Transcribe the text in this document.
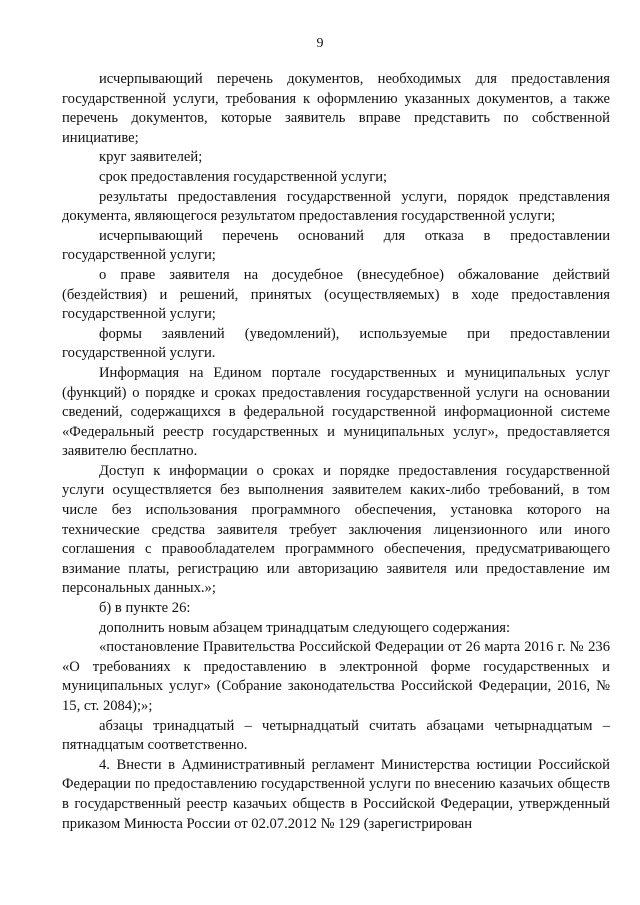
9

исчерпывающий перечень документов, необходимых для предоставления государственной услуги, требования к оформлению указанных документов, а также перечень документов, которые заявитель вправе представить по собственной инициативе;

круг заявителей;

срок предоставления государственной услуги;

результаты предоставления государственной услуги, порядок представления документа, являющегося результатом предоставления государственной услуги;

исчерпывающий перечень оснований для отказа в предоставлении государственной услуги;

о праве заявителя на досудебное (внесудебное) обжалование действий (бездействия) и решений, принятых (осуществляемых) в ходе предоставления государственной услуги;

формы заявлений (уведомлений), используемые при предоставлении государственной услуги.

Информация на Едином портале государственных и муниципальных услуг (функций) о порядке и сроках предоставления государственной услуги на основании сведений, содержащихся в федеральной государственной информационной системе «Федеральный реестр государственных и муниципальных услуг», предоставляется заявителю бесплатно.

Доступ к информации о сроках и порядке предоставления государственной услуги осуществляется без выполнения заявителем каких-либо требований, в том числе без использования программного обеспечения, установка которого на технические средства заявителя требует заключения лицензионного или иного соглашения с правообладателем программного обеспечения, предусматривающего взимание платы, регистрацию или авторизацию заявителя или предоставление им персональных данных.»;

б) в пункте 26:

дополнить новым абзацем тринадцатым следующего содержания:

«постановление Правительства Российской Федерации от 26 марта 2016 г. № 236 «О требованиях к предоставлению в электронной форме государственных и муниципальных услуг» (Собрание законодательства Российской Федерации, 2016, № 15, ст. 2084);»;

абзацы тринадцатый – четырнадцатый считать абзацами четырнадцатым – пятнадцатым соответственно.

4. Внести в Административный регламент Министерства юстиции Российской Федерации по предоставлению государственной услуги по внесению казачьих обществ в государственный реестр казачьих обществ в Российской Федерации, утвержденный приказом Минюста России от 02.07.2012 № 129 (зарегистрирован
